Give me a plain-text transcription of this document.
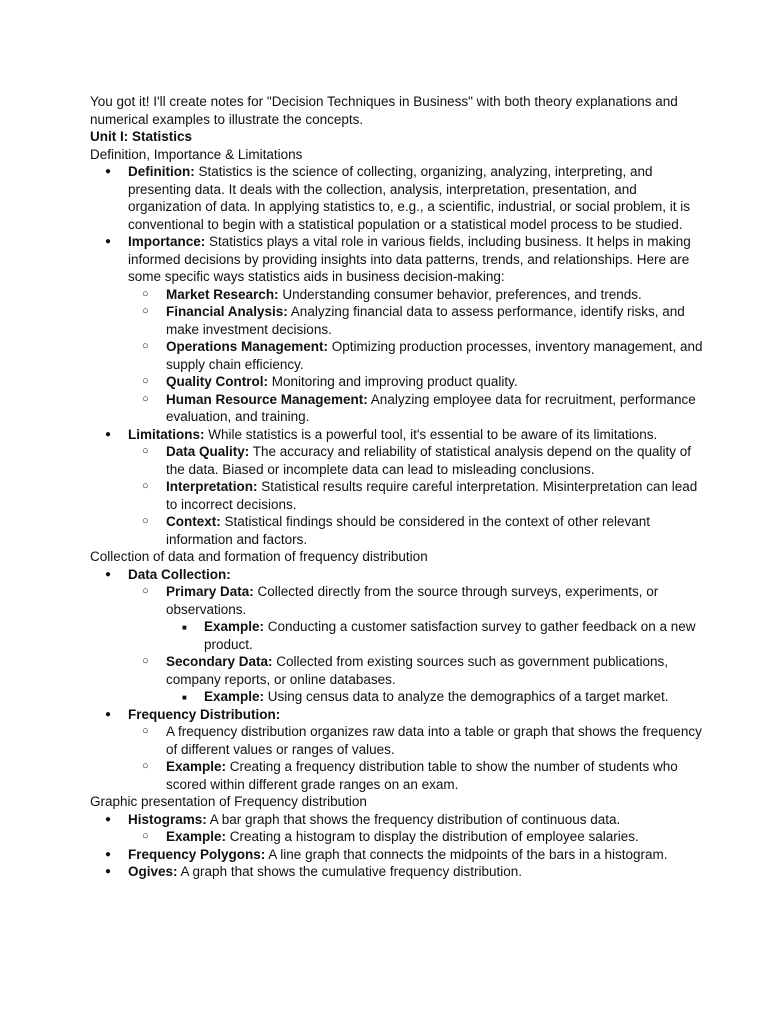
You got it! I'll create notes for "Decision Techniques in Business" with both theory explanations and numerical examples to illustrate the concepts.

Unit I: Statistics

Definition, Importance & Limitations

● Definition: Statistics is the science of collecting, organizing, analyzing, interpreting, and presenting data. It deals with the collection, analysis, interpretation, presentation, and organization of data. In applying statistics to, e.g., a scientific, industrial, or social problem, it is conventional to begin with a statistical population or a statistical model process to be studied.
● Importance: Statistics plays a vital role in various fields, including business. It helps in making informed decisions by providing insights into data patterns, trends, and relationships. Here are some specific ways statistics aids in business decision-making:
○ Market Research: Understanding consumer behavior, preferences, and trends.
○ Financial Analysis: Analyzing financial data to assess performance, identify risks, and make investment decisions.
○ Operations Management: Optimizing production processes, inventory management, and supply chain efficiency.
○ Quality Control: Monitoring and improving product quality.
○ Human Resource Management: Analyzing employee data for recruitment, performance evaluation, and training.
● Limitations: While statistics is a powerful tool, it's essential to be aware of its limitations.
○ Data Quality: The accuracy and reliability of statistical analysis depend on the quality of the data. Biased or incomplete data can lead to misleading conclusions.
○ Interpretation: Statistical results require careful interpretation. Misinterpretation can lead to incorrect decisions.
○ Context: Statistical findings should be considered in the context of other relevant information and factors.

Collection of data and formation of frequency distribution

● Data Collection:
○ Primary Data: Collected directly from the source through surveys, experiments, or observations.
■ Example: Conducting a customer satisfaction survey to gather feedback on a new product.
○ Secondary Data: Collected from existing sources such as government publications, company reports, or online databases.
■ Example: Using census data to analyze the demographics of a target market.
● Frequency Distribution:
○ A frequency distribution organizes raw data into a table or graph that shows the frequency of different values or ranges of values.
○ Example: Creating a frequency distribution table to show the number of students who scored within different grade ranges on an exam.

Graphic presentation of Frequency distribution

● Histograms: A bar graph that shows the frequency distribution of continuous data.
○ Example: Creating a histogram to display the distribution of employee salaries.
● Frequency Polygons: A line graph that connects the midpoints of the bars in a histogram.
● Ogives: A graph that shows the cumulative frequency distribution.
